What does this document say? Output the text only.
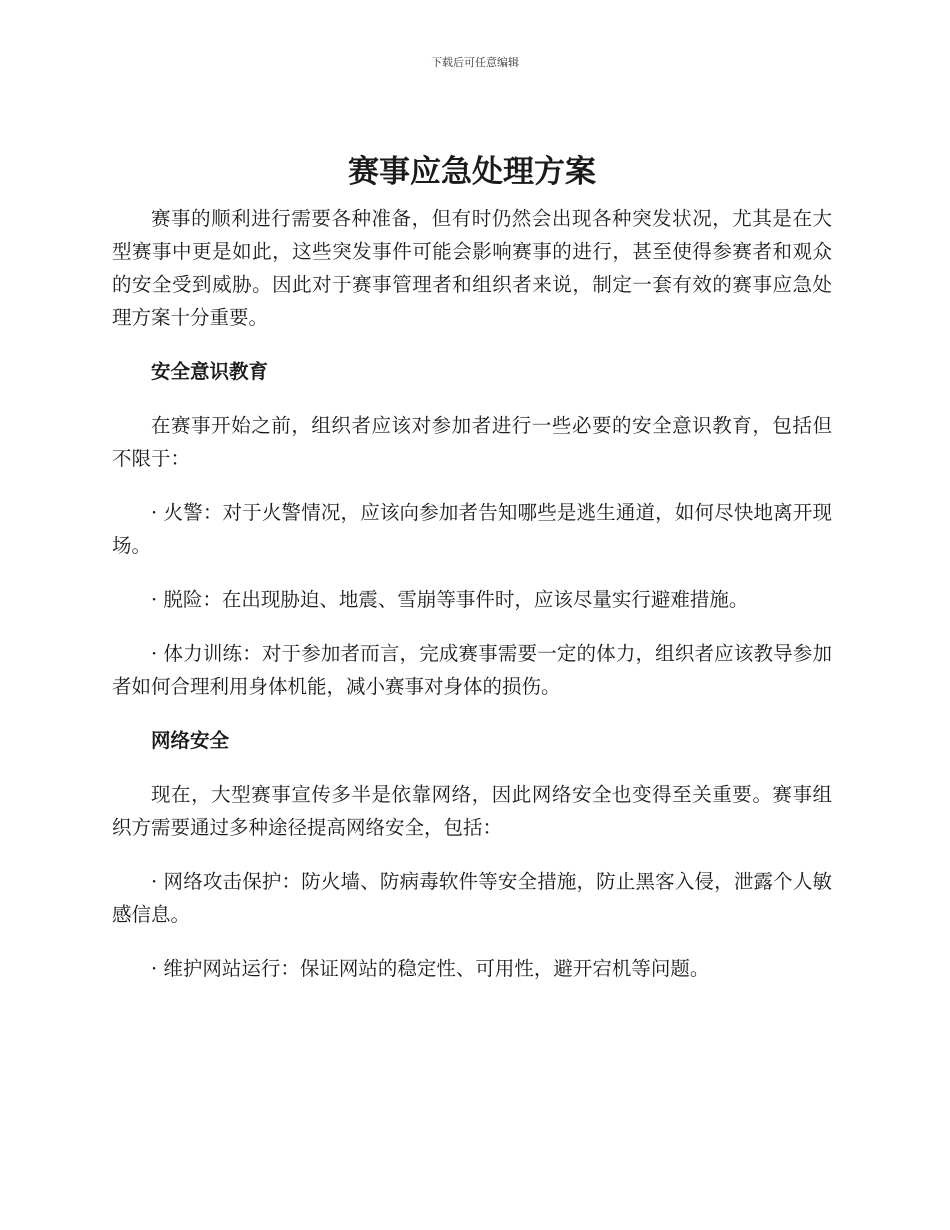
下载后可任意编辑
赛事应急处理方案

赛事的顺利进行需要各种准备，但有时仍然会出现各种突发状况，尤其是在大型赛事中更是如此，这些突发事件可能会影响赛事的进行，甚至使得参赛者和观众的安全受到威胁。因此对于赛事管理者和组织者来说，制定一套有效的赛事应急处理方案十分重要。

安全意识教育

在赛事开始之前，组织者应该对参加者进行一些必要的安全意识教育，包括但不限于：

· 火警：对于火警情况，应该向参加者告知哪些是逃生通道，如何尽快地离开现场。

· 脱险：在出现胁迫、地震、雪崩等事件时，应该尽量实行避难措施。

· 体力训练：对于参加者而言，完成赛事需要一定的体力，组织者应该教导参加者如何合理利用身体机能，减小赛事对身体的损伤。

网络安全

现在，大型赛事宣传多半是依靠网络，因此网络安全也变得至关重要。赛事组织方需要通过多种途径提高网络安全，包括：

· 网络攻击保护：防火墙、防病毒软件等安全措施，防止黑客入侵，泄露个人敏感信息。

· 维护网站运行：保证网站的稳定性、可用性，避开宕机等问题。
